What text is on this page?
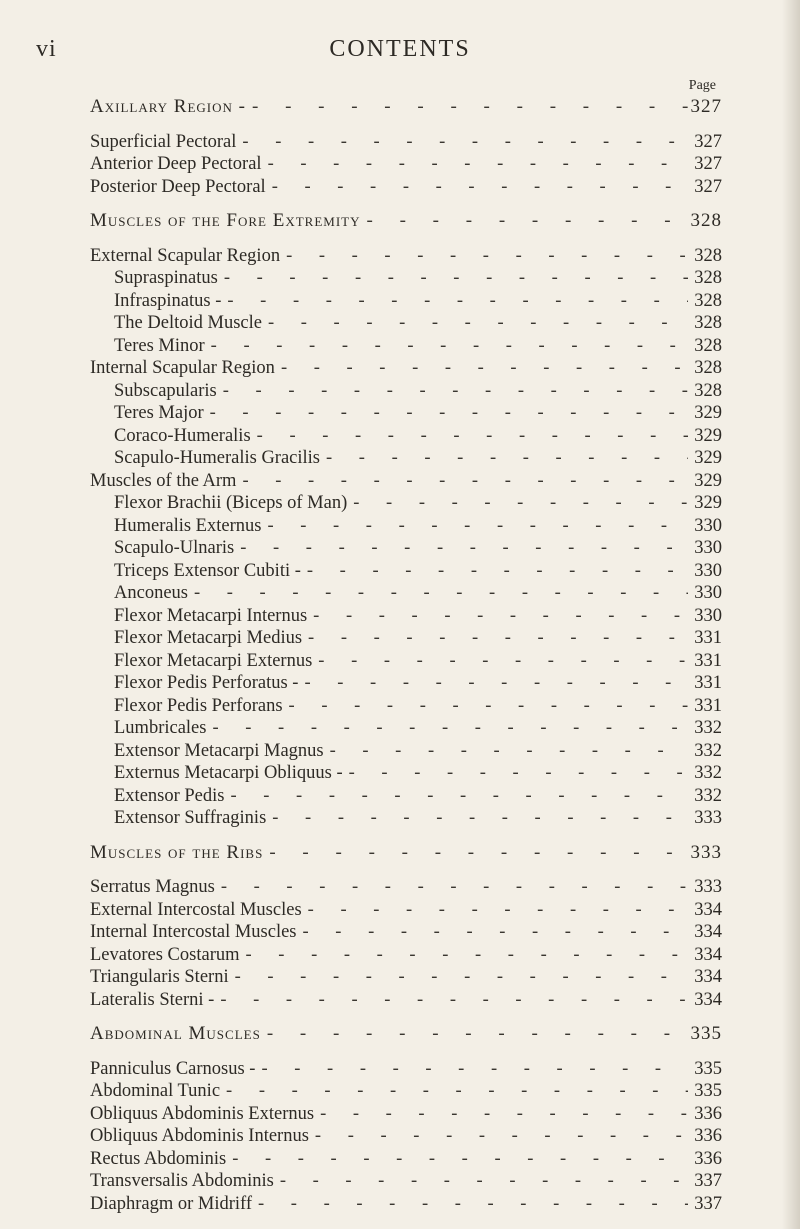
vi	CONTENTS
Page
Axillary Region - - - -	327
Superficial Pectoral - - -	327
Anterior Deep Pectoral - - -	327
Posterior Deep Pectoral - - -	327
Muscles of the Fore Extremity - - -	328
External Scapular Region - - -	328
Supraspinatus - - -	328
Infraspinatus - - - -	328
The Deltoid Muscle - - -	328
Teres Minor - - -	328
Internal Scapular Region - - -	328
Subscapularis - - -	328
Teres Major - - -	329
Coraco-Humeralis - - -	329
Scapulo-Humeralis Gracilis - - -	329
Muscles of the Arm - - -	329
Flexor Brachii (Biceps of Man) - - -	329
Humeralis Externus - - -	330
Scapulo-Ulnaris - - -	330
Triceps Extensor Cubiti - - - -	330
Anconeus - - -	330
Flexor Metacarpi Internus - - -	330
Flexor Metacarpi Medius - - -	331
Flexor Metacarpi Externus - - -	331
Flexor Pedis Perforatus - - - -	331
Flexor Pedis Perforans - - -	331
Lumbricales - - -	332
Extensor Metacarpi Magnus - - -	332
Externus Metacarpi Obliquus - - - -	332
Extensor Pedis - - -	332
Extensor Suffraginis - - -	333
Muscles of the Ribs - - -	333
Serratus Magnus - - -	333
External Intercostal Muscles - - -	334
Internal Intercostal Muscles - - -	334
Levatores Costarum - - -	334
Triangularis Sterni - - -	334
Lateralis Sterni - - - -	334
Abdominal Muscles - - -	335
Panniculus Carnosus - - - -	335
Abdominal Tunic - - -	335
Obliquus Abdominis Externus - - -	336
Obliquus Abdominis Internus - - -	336
Rectus Abdominis - - -	336
Transversalis Abdominis - - -	337
Diaphragm or Midriff - - -	337
